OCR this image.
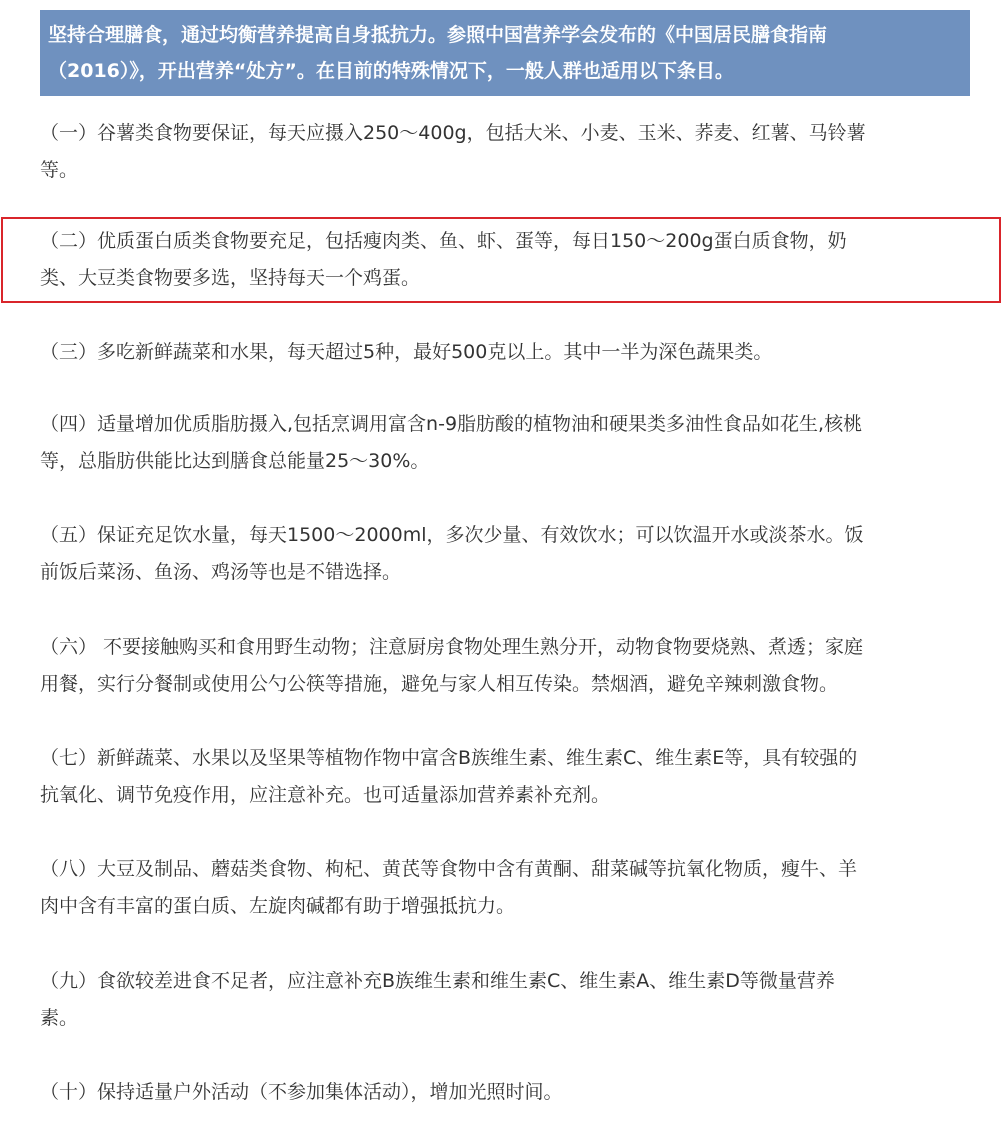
坚持合理膳食，通过均衡营养提高自身抵抗力。参照中国营养学会发布的《中国居民膳食指南
（2016）》，开出营养“处方”。在目前的特殊情况下，一般人群也适用以下条目。
（一）谷薯类食物要保证，每天应摄入250～400g，包括大米、小麦、玉米、荞麦、红薯、马铃薯
等。
（二）优质蛋白质类食物要充足，包括瘦肉类、鱼、虾、蛋等，每日150～200g蛋白质食物，奶
类、大豆类食物要多选，坚持每天一个鸡蛋。
（三）多吃新鲜蔬菜和水果，每天超过5种，最好500克以上。其中一半为深色蔬果类。
（四）适量增加优质脂肪摄入,包括烹调用富含n-9脂肪酸的植物油和硬果类多油性食品如花生,核桃
等，总脂肪供能比达到膳食总能量25～30%。
（五）保证充足饮水量，每天1500～2000ml，多次少量、有效饮水；可以饮温开水或淡茶水。饭
前饭后菜汤、鱼汤、鸡汤等也是不错选择。
（六） 不要接触购买和食用野生动物；注意厨房食物处理生熟分开，动物食物要烧熟、煮透；家庭
用餐，实行分餐制或使用公勺公筷等措施，避免与家人相互传染。禁烟酒，避免辛辣刺激食物。
（七）新鲜蔬菜、水果以及坚果等植物作物中富含B族维生素、维生素C、维生素E等，具有较强的
抗氧化、调节免疫作用，应注意补充。也可适量添加营养素补充剂。
（八）大豆及制品、蘑菇类食物、枸杞、黄芪等食物中含有黄酮、甜菜碱等抗氧化物质，瘦牛、羊
肉中含有丰富的蛋白质、左旋肉碱都有助于增强抵抗力。
（九）食欲较差进食不足者，应注意补充B族维生素和维生素C、维生素A、维生素D等微量营养
素。
（十）保持适量户外活动（不参加集体活动），增加光照时间。
